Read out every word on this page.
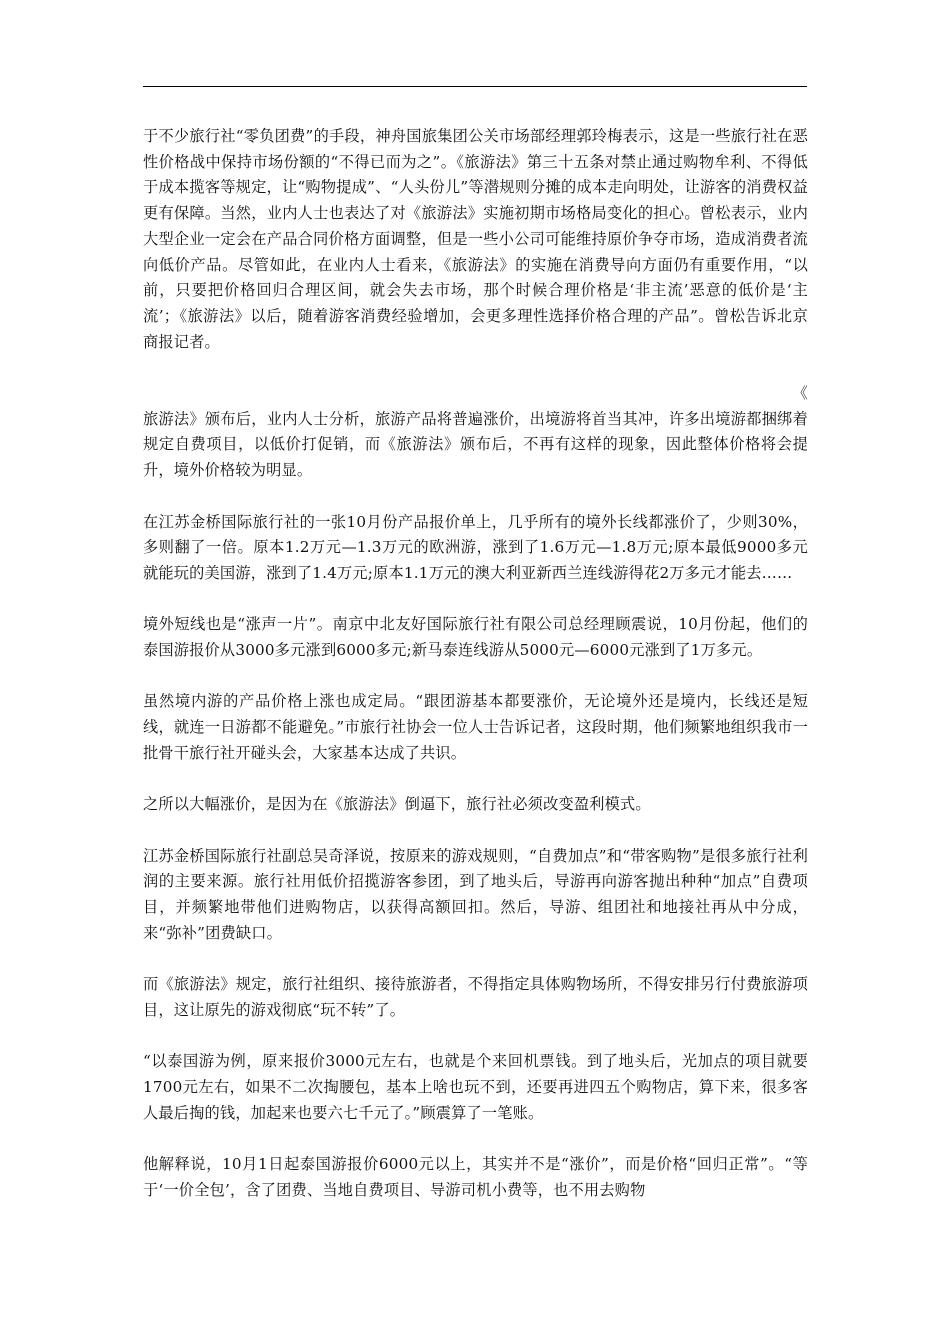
于不少旅行社“零负团费”的手段，神舟国旅集团公关市场部经理郭玲梅表示，这是一些旅行社在恶性价格战中保持市场份额的“不得已而为之”。《旅游法》第三十五条对禁止通过购物牟利、不得低于成本揽客等规定，让“购物提成”、“人头份儿”等潜规则分摊的成本走向明处，让游客的消费权益更有保障。当然，业内人士也表达了对《旅游法》实施初期市场格局变化的担心。曾松表示，业内大型企业一定会在产品合同价格方面调整，但是一些小公司可能维持原价争夺市场，造成消费者流向低价产品。尽管如此，在业内人士看来，《旅游法》的实施在消费导向方面仍有重要作用，“以前，只要把价格回归合理区间，就会失去市场，那个时候合理价格是‘非主流’恶意的低价是‘主流’；《旅游法》以后，随着游客消费经验增加，会更多理性选择价格合理的产品”。曾松告诉北京商报记者。

《

旅游法》颁布后，业内人士分析，旅游产品将普遍涨价，出境游将首当其冲，许多出境游都捆绑着规定自费项目，以低价打促销，而《旅游法》颁布后，不再有这样的现象，因此整体价格将会提升，境外价格较为明显。

在江苏金桥国际旅行社的一张10月份产品报价单上，几乎所有的境外长线都涨价了，少则30%，多则翻了一倍。原本1.2万元—1.3万元的欧洲游，涨到了1.6万元—1.8万元;原本最低9000多元就能玩的美国游，涨到了1.4万元;原本1.1万元的澳大利亚新西兰连线游得花2万多元才能去……

境外短线也是“涨声一片”。南京中北友好国际旅行社有限公司总经理顾震说，10月份起，他们的泰国游报价从3000多元涨到6000多元;新马泰连线游从5000元—6000元涨到了1万多元。

虽然境内游的产品价格上涨也成定局。“跟团游基本都要涨价，无论境外还是境内，长线还是短线，就连一日游都不能避免。”市旅行社协会一位人士告诉记者，这段时期，他们频繁地组织我市一批骨干旅行社开碰头会，大家基本达成了共识。

之所以大幅涨价，是因为在《旅游法》倒逼下，旅行社必须改变盈利模式。

江苏金桥国际旅行社副总吴奇泽说，按原来的游戏规则，“自费加点”和“带客购物”是很多旅行社利润的主要来源。旅行社用低价招揽游客参团，到了地头后，导游再向游客抛出种种“加点”自费项目，并频繁地带他们进购物店，以获得高额回扣。然后，导游、组团社和地接社再从中分成，来“弥补”团费缺口。

而《旅游法》规定，旅行社组织、接待旅游者，不得指定具体购物场所，不得安排另行付费旅游项目，这让原先的游戏彻底“玩不转”了。

“以泰国游为例，原来报价3000元左右，也就是个来回机票钱。到了地头后，光加点的项目就要1700元左右，如果不二次掏腰包，基本上啥也玩不到，还要再进四五个购物店，算下来，很多客人最后掏的钱，加起来也要六七千元了。”顾震算了一笔账。

他解释说，10月1日起泰国游报价6000元以上，其实并不是“涨价”，而是价格“回归正常”。“等于‘一价全包’，含了团费、当地自费项目、导游司机小费等，也不用去购物
